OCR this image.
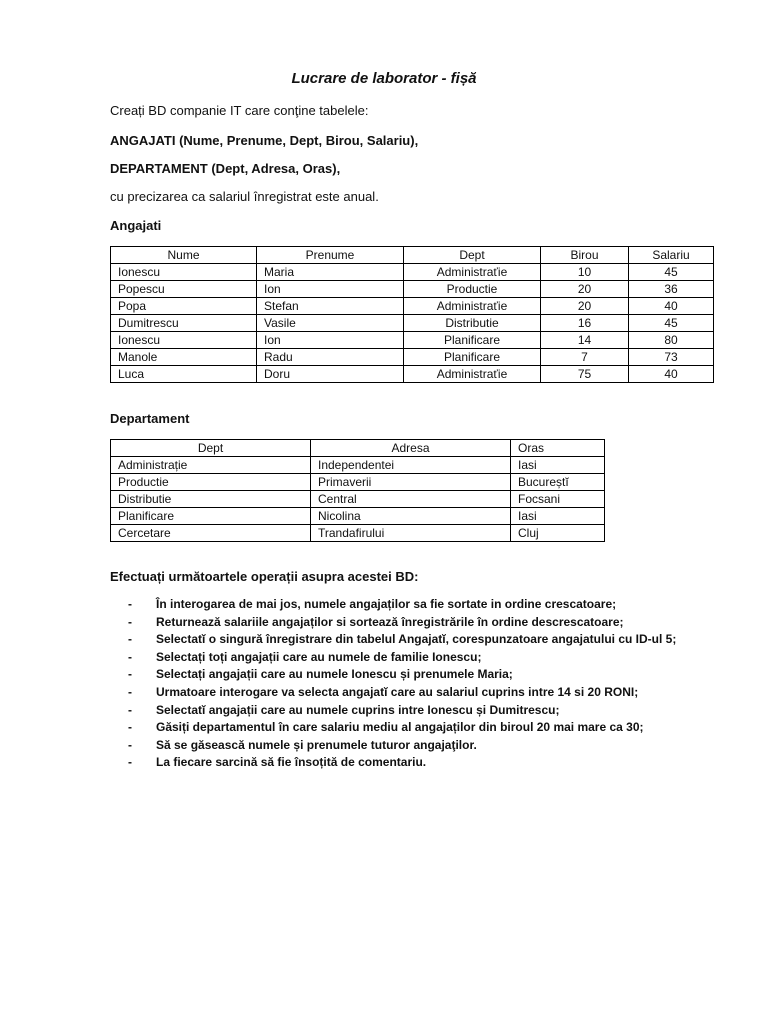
Lucrare de laborator - fișă
Creați BD companie IT care conţine tabelele:
ANGAJATI (Nume, Prenume, Dept, Birou, Salariu),
DEPARTAMENT (Dept, Adresa, Oras),
cu precizarea ca salariul înregistrat este anual.
Angajati
Nume	Prenume	Dept	Birou	Salariu
Ionescu	Maria	Administraťie	10	45
Popescu	Ion	Productie	20	36
Popa	Stefan	Administraťie	20	40
Dumitrescu	Vasile	Distributie	16	45
Ionescu	Ion	Planificare	14	80
Manole	Radu	Planificare	7	73
Luca	Doru	Administraťie	75	40
Departament
Dept	Adresa	Oras
Administrație	Independentei	Iasi
Productie	Primaverii	Bucureștĭ
Distributie	Central	Focsani
Planificare	Nicolina	Iasi
Cercetare	Trandafirului	Cluj
Efectuați următoartele operații asupra acestei BD:
- În interogarea de mai jos, numele angajaților sa fie sortate in ordine crescatoare;
- Returnează salariile angajaților si sortează înregistrările în ordine descrescatoare;
- Selectatĭ o singură înregistrare din tabelul Angajatĭ, corespunzatoare angajatului cu ID-ul 5;
- Selectați toți angajații care au numele de familie Ionescu;
- Selectați angajații care au numele Ionescu și prenumele Maria;
- Urmatoare interogare va selecta angajatĭ care au salariul cuprins intre 14 si 20 RONI;
- Selectatĭ angajații care au numele cuprins intre Ionescu și Dumitrescu;
- Găsiți departamentul în care salariu mediu al angajaților din biroul 20 mai mare ca 30;
- Să se găsească numele și prenumele tuturor angajaţilor.
- La fiecare sarcină să fie însoțită de comentariu.
